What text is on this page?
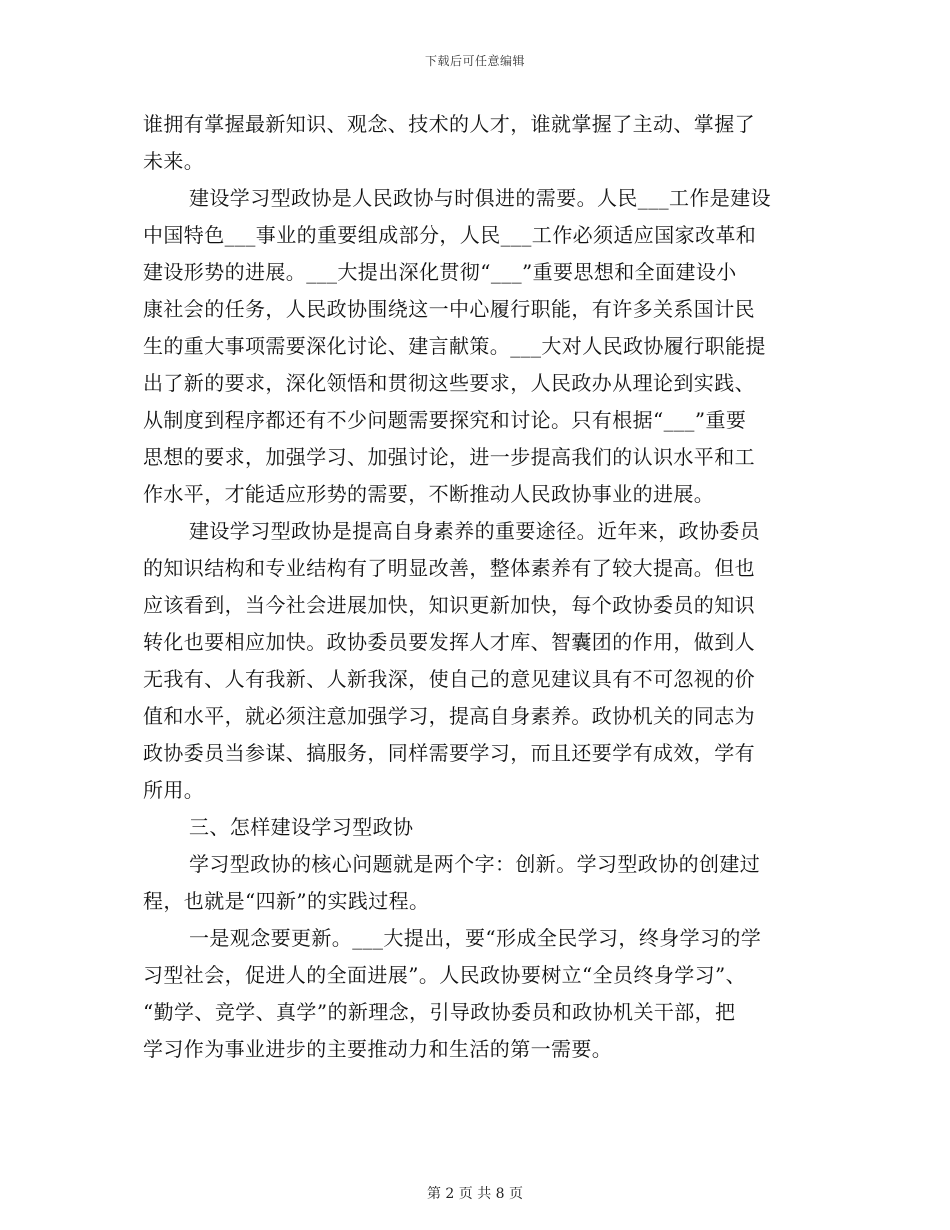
下载后可任意编辑
谁拥有掌握最新知识、观念、技术的人才，谁就掌握了主动、掌握了
未来。
建设学习型政协是人民政协与时俱进的需要。人民___工作是建设
中国特色___事业的重要组成部分，人民___工作必须适应国家改革和
建设形势的进展。___大提出深化贯彻“___”重要思想和全面建设小
康社会的任务，人民政协围绕这一中心履行职能，有许多关系国计民
生的重大事项需要深化讨论、建言献策。___大对人民政协履行职能提
出了新的要求，深化领悟和贯彻这些要求，人民政办从理论到实践、
从制度到程序都还有不少问题需要探究和讨论。只有根据“___”重要
思想的要求，加强学习、加强讨论，进一步提高我们的认识水平和工
作水平，才能适应形势的需要，不断推动人民政协事业的进展。
建设学习型政协是提高自身素养的重要途径。近年来，政协委员
的知识结构和专业结构有了明显改善，整体素养有了较大提高。但也
应该看到，当今社会进展加快，知识更新加快，每个政协委员的知识
转化也要相应加快。政协委员要发挥人才库、智囊团的作用，做到人
无我有、人有我新、人新我深，使自己的意见建议具有不可忽视的价
值和水平，就必须注意加强学习，提高自身素养。政协机关的同志为
政协委员当参谋、搞服务，同样需要学习，而且还要学有成效，学有
所用。
三、怎样建设学习型政协
学习型政协的核心问题就是两个字：创新。学习型政协的创建过
程，也就是“四新”的实践过程。
一是观念要更新。___大提出，要“形成全民学习，终身学习的学
习型社会，促进人的全面进展”。人民政协要树立“全员终身学习”、
“勤学、竞学、真学”的新理念，引导政协委员和政协机关干部，把
学习作为事业进步的主要推动力和生活的第一需要。
第 2 页 共 8 页
